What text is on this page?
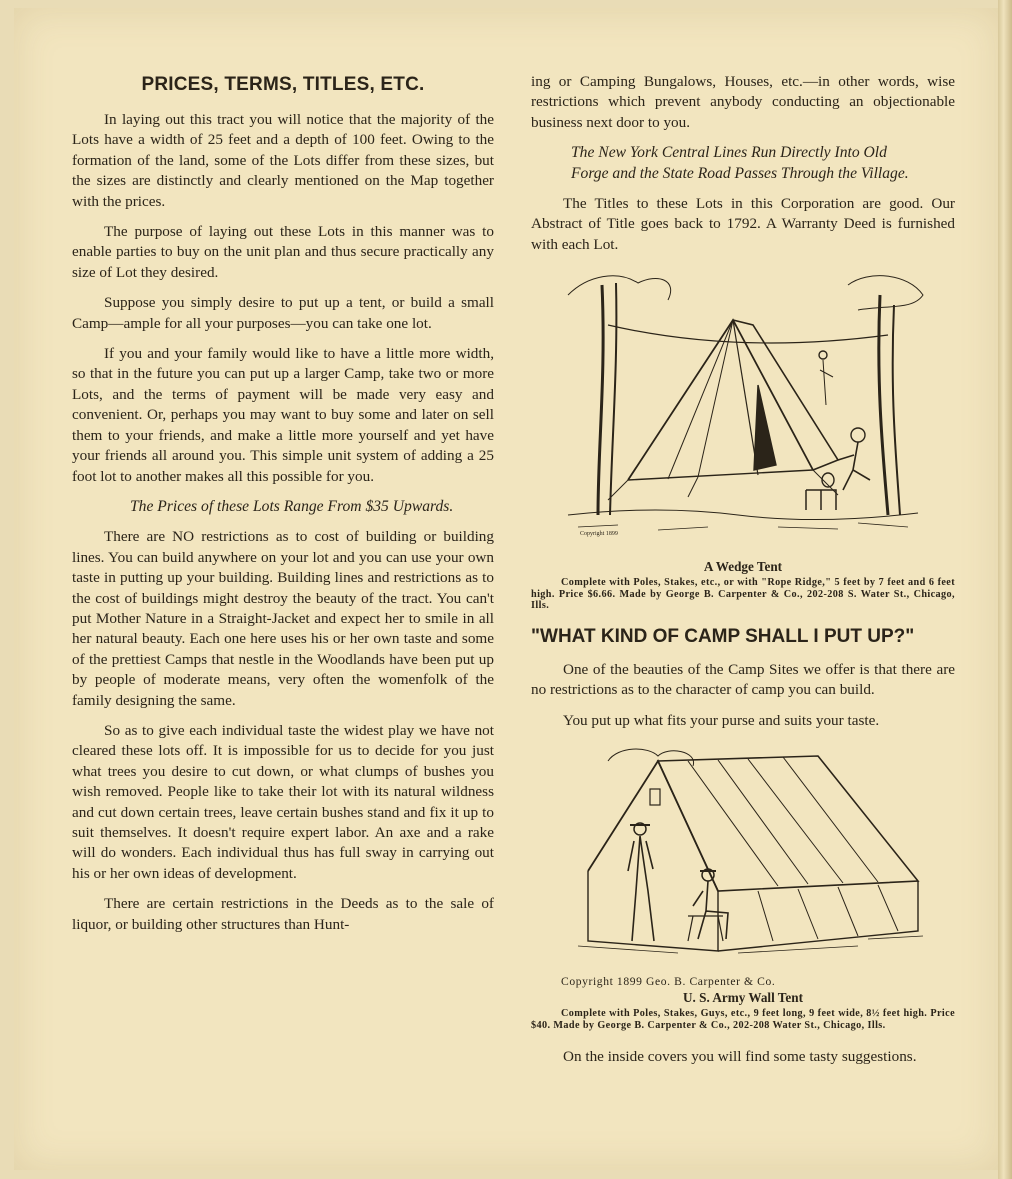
PRICES, TERMS, TITLES, ETC.

In laying out this tract you will notice that the majority of the Lots have a width of 25 feet and a depth of 100 feet. Owing to the formation of the land, some of the Lots differ from these sizes, but the sizes are distinctly and clearly mentioned on the Map together with the prices.

The purpose of laying out these Lots in this manner was to enable parties to buy on the unit plan and thus secure practically any size of Lot they desired.

Suppose you simply desire to put up a tent, or build a small Camp—ample for all your purposes—you can take one lot.

If you and your family would like to have a little more width, so that in the future you can put up a larger Camp, take two or more Lots, and the terms of payment will be made very easy and convenient. Or, perhaps you may want to buy some and later on sell them to your friends, and make a little more yourself and yet have your friends all around you. This simple unit system of adding a 25 foot lot to another makes all this possible for you.

The Prices of these Lots Range From $35 Upwards.

There are NO restrictions as to cost of building or building lines. You can build anywhere on your lot and you can use your own taste in putting up your building. Building lines and restrictions as to the cost of buildings might destroy the beauty of the tract. You can't put Mother Nature in a Straight-Jacket and expect her to smile in all her natural beauty. Each one here uses his or her own taste and some of the prettiest Camps that nestle in the Woodlands have been put up by people of moderate means, very often the womenfolk of the family designing the same.

So as to give each individual taste the widest play we have not cleared these lots off. It is impossible for us to decide for you just what trees you desire to cut down, or what clumps of bushes you wish removed. People like to take their lot with its natural wildness and cut down certain trees, leave certain bushes stand and fix it up to suit themselves. It doesn't require expert labor. An axe and a rake will do wonders. Each individual thus has full sway in carrying out his or her own ideas of development.

There are certain restrictions in the Deeds as to the sale of liquor, or building other structures than Hunt-

ing or Camping Bungalows, Houses, etc.—in other words, wise restrictions which prevent anybody conducting an objectionable business next door to you.

The New York Central Lines Run Directly Into Old Forge and the State Road Passes Through the Village.

The Titles to these Lots in this Corporation are good. Our Abstract of Title goes back to 1792. A Warranty Deed is furnished with each Lot.

Copyright 1899
A Wedge Tent

Complete with Poles, Stakes, etc., or with "Rope Ridge," 5 feet by 7 feet and 6 feet high. Price $6.66. Made by George B. Carpenter & Co., 202-208 S. Water St., Chicago, Ills.

"WHAT KIND OF CAMP SHALL I PUT UP?"

One of the beauties of the Camp Sites we offer is that there are no restrictions as to the character of camp you can build.

You put up what fits your purse and suits your taste.

Copyright 1899 Geo. B. Carpenter & Co.
U. S. Army Wall Tent

Complete with Poles, Stakes, Guys, etc., 9 feet long, 9 feet wide, 8½ feet high. Price $40. Made by George B. Carpenter & Co., 202-208 Water St., Chicago, Ills.

On the inside covers you will find some tasty suggestions.
